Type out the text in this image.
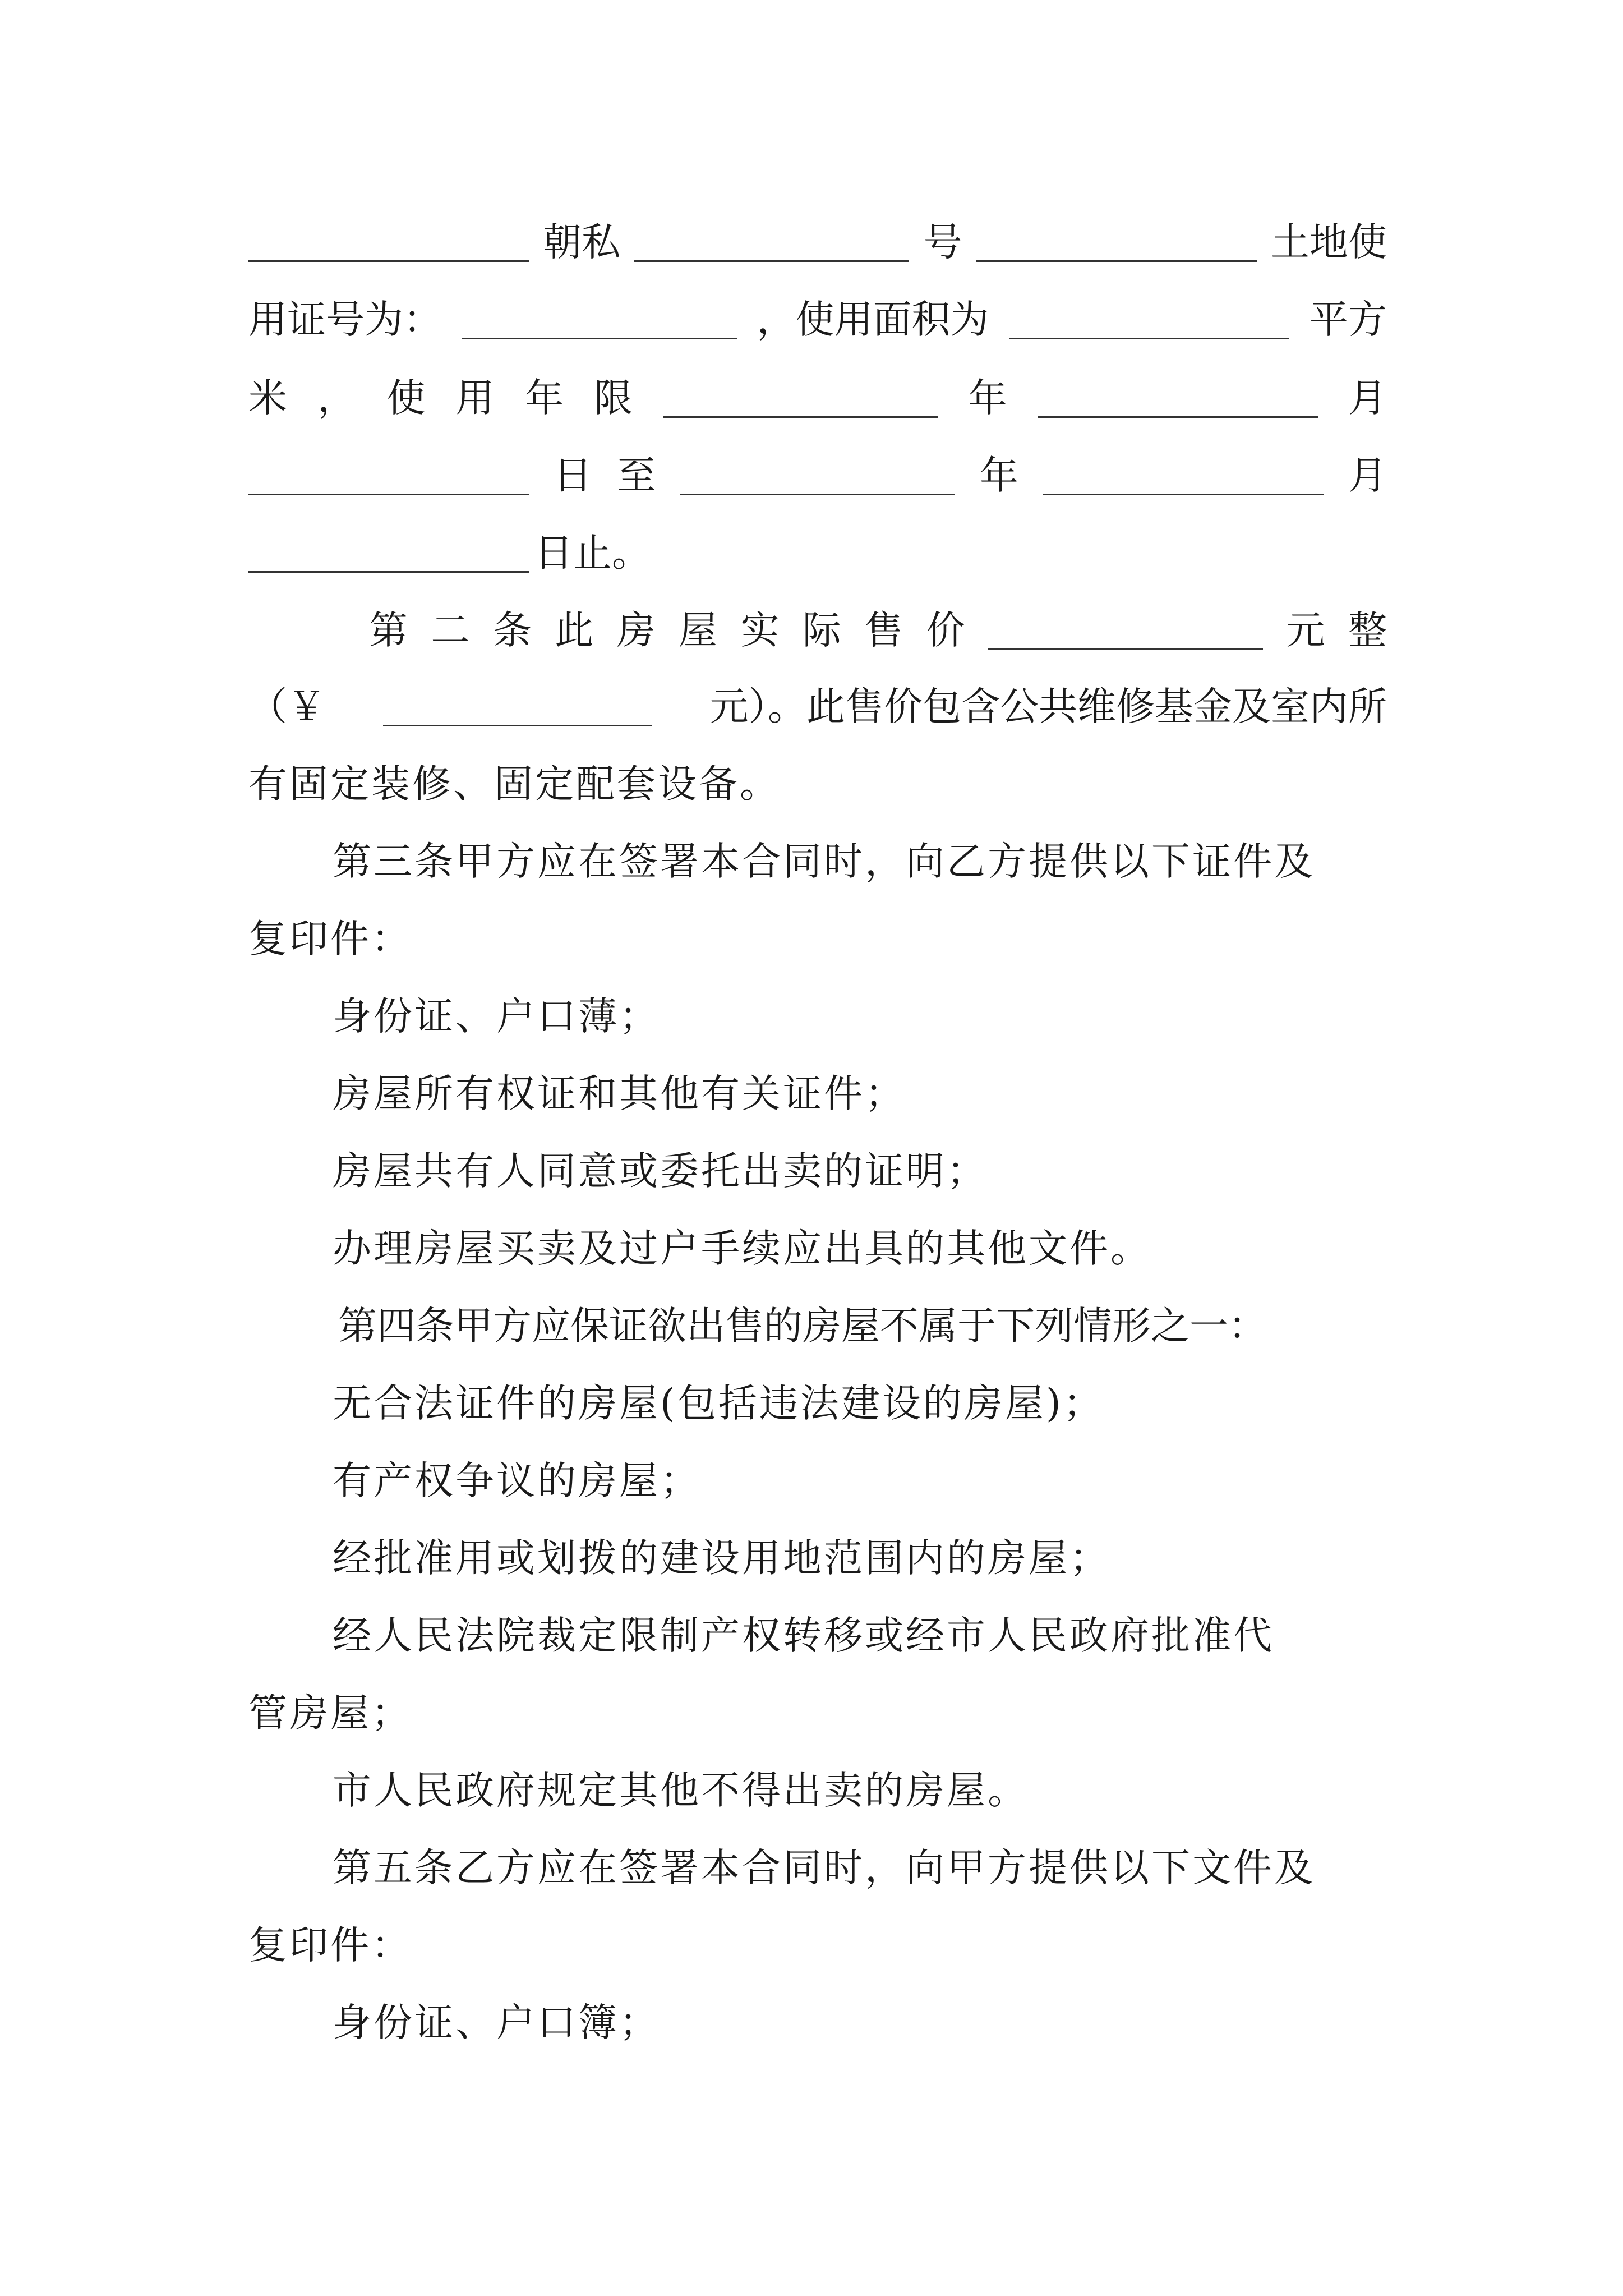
朝私	号	土地使
用证号为：	，使用面积为	平方
米 ， 使 用 年 限	年	月
日 至	年	月
日止。
第 二 条 此 房 屋 实 际 售 价	元 整
（￥	元）。此售价包含公共维修基金及室内所
有固定装修、固定配套设备。
第三条甲方应在签署本合同时，向乙方提供以下证件及
复印件：
身份证、户口薄；
房屋所有权证和其他有关证件；
房屋共有人同意或委托出卖的证明；
办理房屋买卖及过户手续应出具的其他文件。
第四条甲方应保证欲出售的房屋不属于下列情形之一：
无合法证件的房屋(包括违法建设的房屋)；
有产权争议的房屋；
经批准用或划拨的建设用地范围内的房屋；
经人民法院裁定限制产权转移或经市人民政府批准代
管房屋；
市人民政府规定其他不得出卖的房屋。
第五条乙方应在签署本合同时，向甲方提供以下文件及
复印件：
身份证、户口簿；
